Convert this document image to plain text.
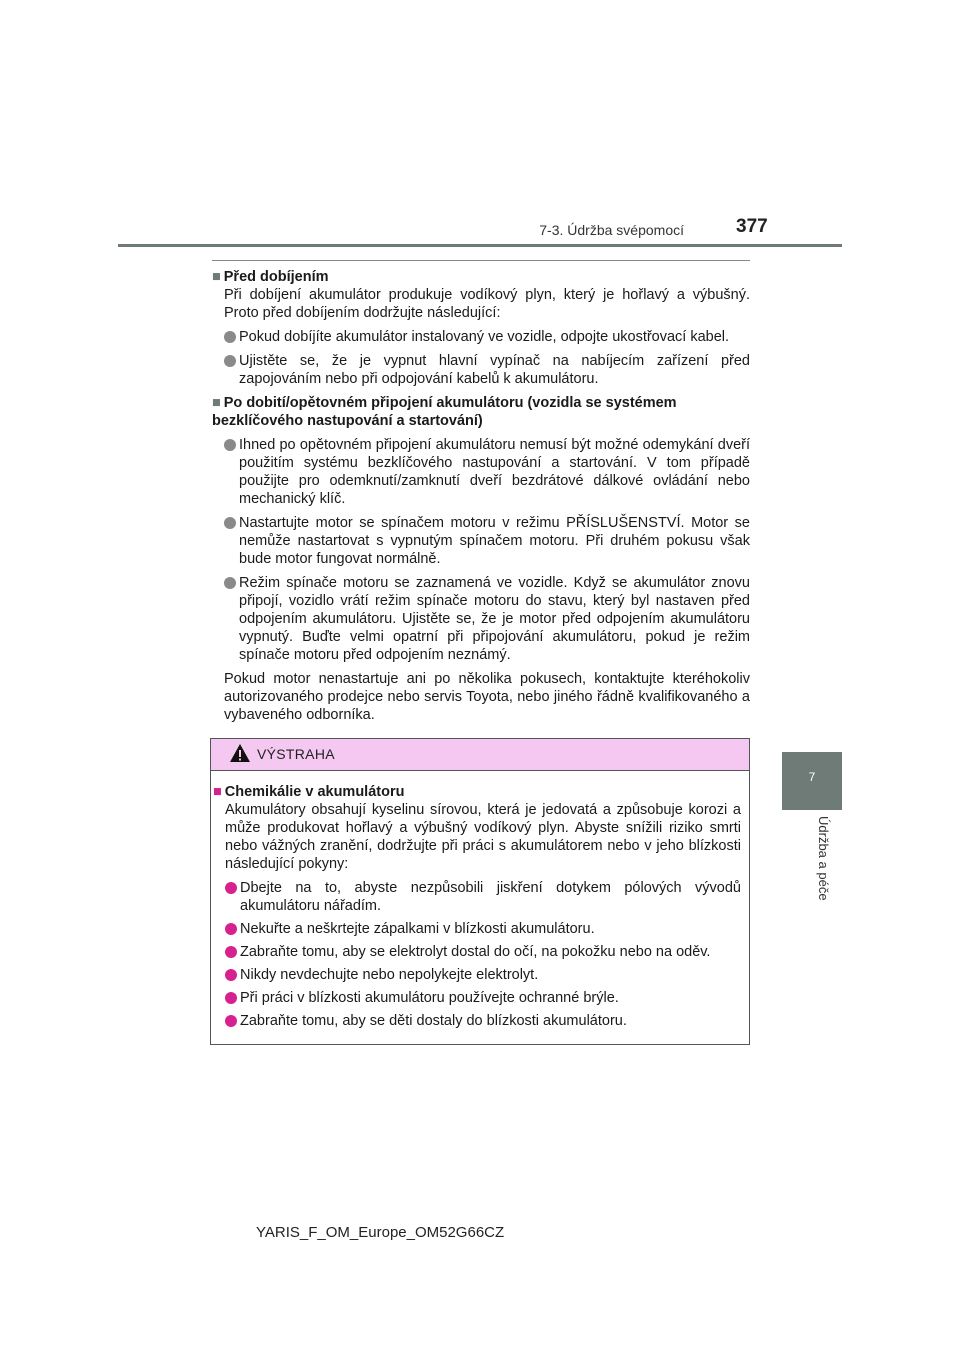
7-3. Údržba svépomocí	377
7
Údržba a péče
■ Před dobíjením
Při dobíjení akumulátor produkuje vodíkový plyn, který je hořlavý a výbušný. Proto před dobíjením dodržujte následující:
Pokud dobíjíte akumulátor instalovaný ve vozidle, odpojte ukostřovací kabel.
Ujistěte se, že je vypnut hlavní vypínač na nabíjecím zařízení před zapojováním nebo při odpojování kabelů k akumulátoru.
■ Po dobití/opětovném připojení akumulátoru (vozidla se systémem bezklíčového nastupování a startování)
Ihned po opětovném připojení akumulátoru nemusí být možné odemykání dveří použitím systému bezklíčového nastupování a startování. V tom případě použijte pro odemknutí/zamknutí dveří bezdrátové dálkové ovládání nebo mechanický klíč.
Nastartujte motor se spínačem motoru v režimu PŘÍSLUŠENSTVÍ. Motor se nemůže nastartovat s vypnutým spínačem motoru. Při druhém pokusu však bude motor fungovat normálně.
Režim spínače motoru se zaznamená ve vozidle. Když se akumulátor znovu připojí, vozidlo vrátí režim spínače motoru do stavu, který byl nastaven před odpojením akumulátoru. Ujistěte se, že je motor před odpojením akumulátoru vypnutý. Buďte velmi opatrní při připojování akumulátoru, pokud je režim spínače motoru před odpojením neznámý.
Pokud motor nenastartuje ani po několika pokusech, kontaktujte kteréhokoliv autorizovaného prodejce nebo servis Toyota, nebo jiného řádně kvalifikovaného a vybaveného odborníka.
VÝSTRAHA
■ Chemikálie v akumulátoru
Akumulátory obsahují kyselinu sírovou, která je jedovatá a způsobuje korozi a může produkovat hořlavý a výbušný vodíkový plyn. Abyste snížili riziko smrti nebo vážných zranění, dodržujte při práci s akumulátorem nebo v jeho blízkosti následující pokyny:
Dbejte na to, abyste nezpůsobili jiskření dotykem pólových vývodů akumulátoru nářadím.
Nekuřte a neškrtejte zápalkami v blízkosti akumulátoru.
Zabraňte tomu, aby se elektrolyt dostal do očí, na pokožku nebo na oděv.
Nikdy nevdechujte nebo nepolykejte elektrolyt.
Při práci v blízkosti akumulátoru používejte ochranné brýle.
Zabraňte tomu, aby se děti dostaly do blízkosti akumulátoru.
YARIS_F_OM_Europe_OM52G66CZ
